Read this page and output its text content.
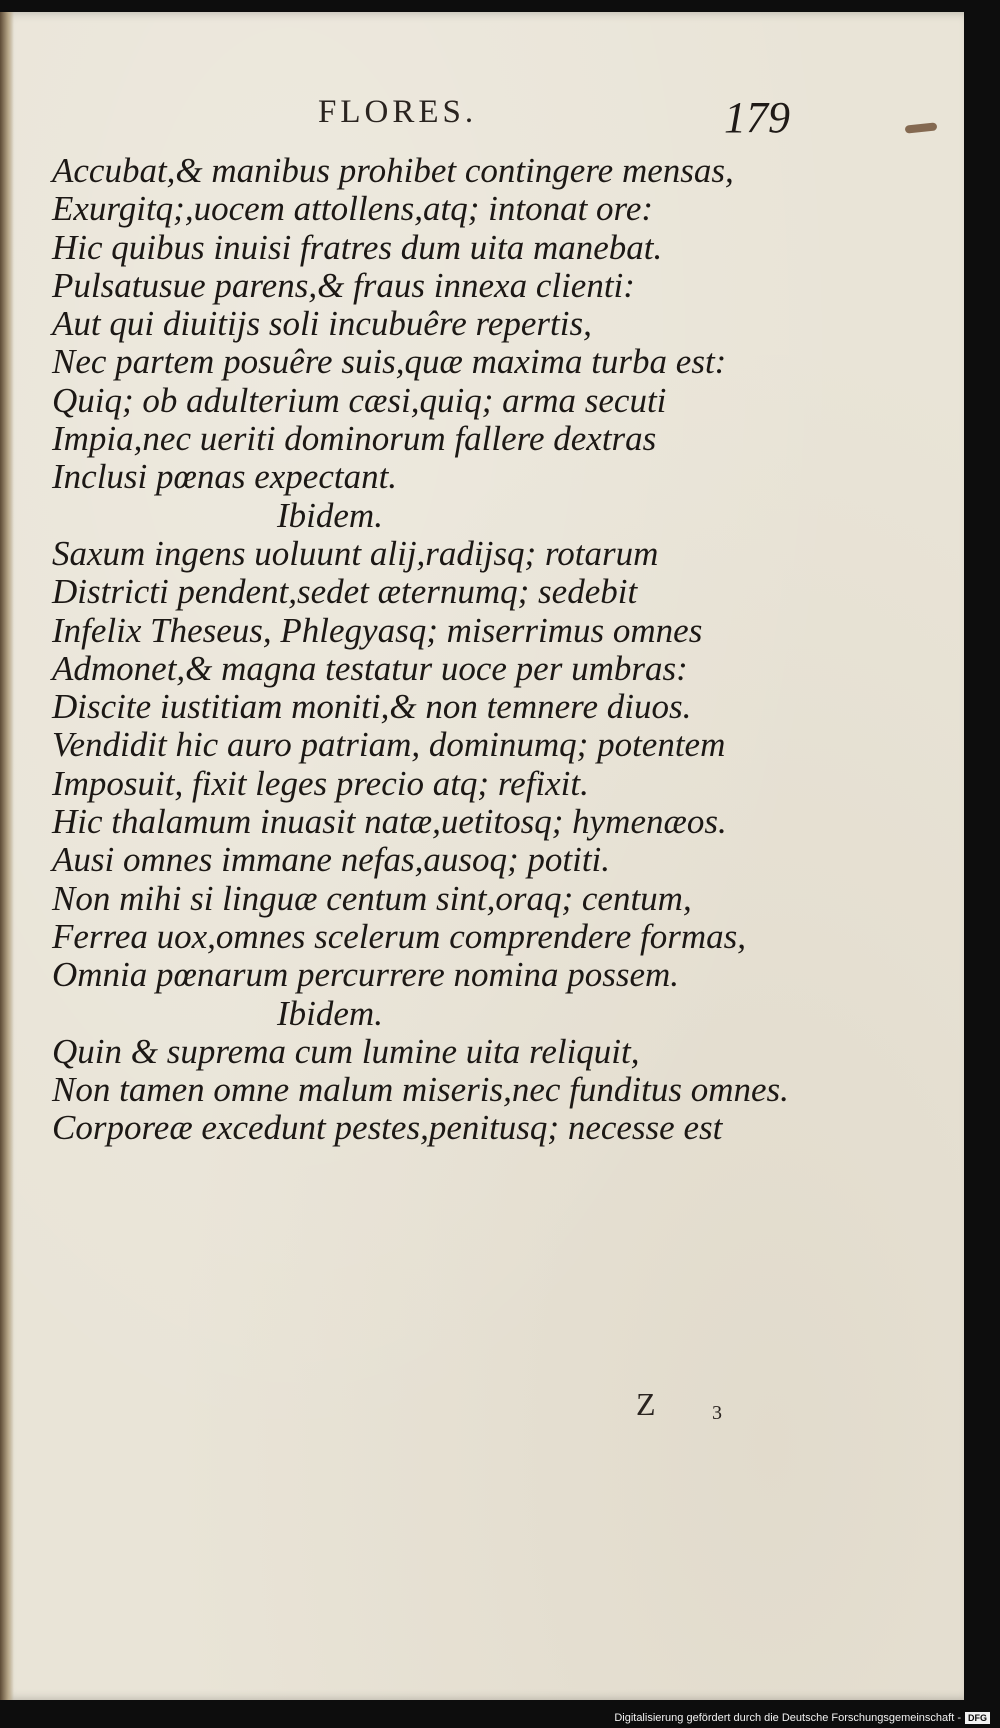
FLORES.	179
Accubat,& manibus prohibet contingere mensas,
Exurgitq;,uocem attollens,atq; intonat ore:
Hic quibus inuisi fratres dum uita manebat.
Pulsatusue parens,& fraus innexa clienti:
Aut qui diuitijs soli incubuêre repertis,
Nec partem posuêre suis,quæ maxima turba est:
Quiq; ob adulterium cæsi,quiq; arma secuti
Impia,nec ueriti dominorum fallere dextras
Inclusi pœnas expectant.
Ibidem.
Saxum ingens uoluunt alij,radijsq; rotarum
Districti pendent,sedet æternumq; sedebit
Infelix Theseus, Phlegyasq; miserrimus omnes
Admonet,& magna testatur uoce per umbras:
Discite iustitiam moniti,& non temnere diuos.
Vendidit hic auro patriam, dominumq; potentem
Imposuit, fixit leges precio atq; refixit.
Hic thalamum inuasit natæ,uetitosq; hymenæos.
Ausi omnes immane nefas,ausoq; potiti.
Non mihi si linguæ centum sint,oraq; centum,
Ferrea uox,omnes scelerum comprendere formas,
Omnia pœnarum percurrere nomina possem.
Ibidem.
Quin & suprema cum lumine uita reliquit,
Non tamen omne malum miseris,nec funditus omnes.
Corporeæ excedunt pestes,penitusq; necesse est
Z	3
Digitalisierung gefördert durch die Deutsche Forschungsgemeinschaft - DFG
